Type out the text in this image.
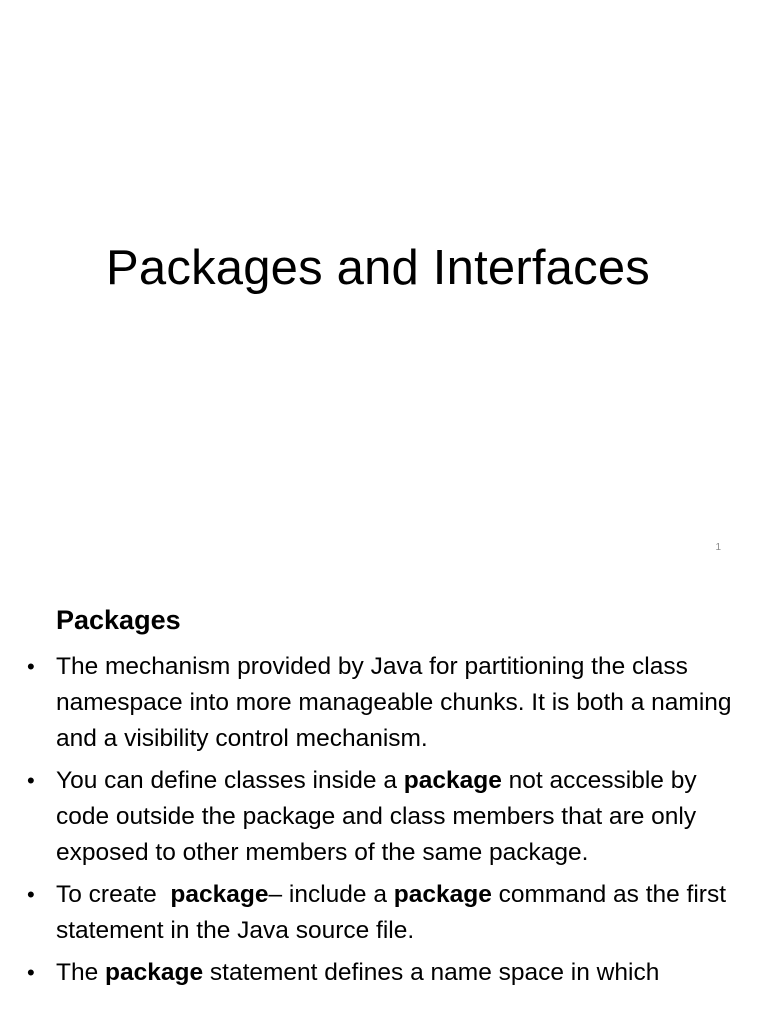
Packages and Interfaces
1
Packages
• The mechanism provided by Java for partitioning the class namespace into more manageable chunks. It is both a naming and a visibility control mechanism.
• You can define classes inside a package not accessible by code outside the package and class members that are only exposed to other members of the same package.
• To create  package– include a package command as the first statement in the Java source file.
• The package statement defines a name space in which
